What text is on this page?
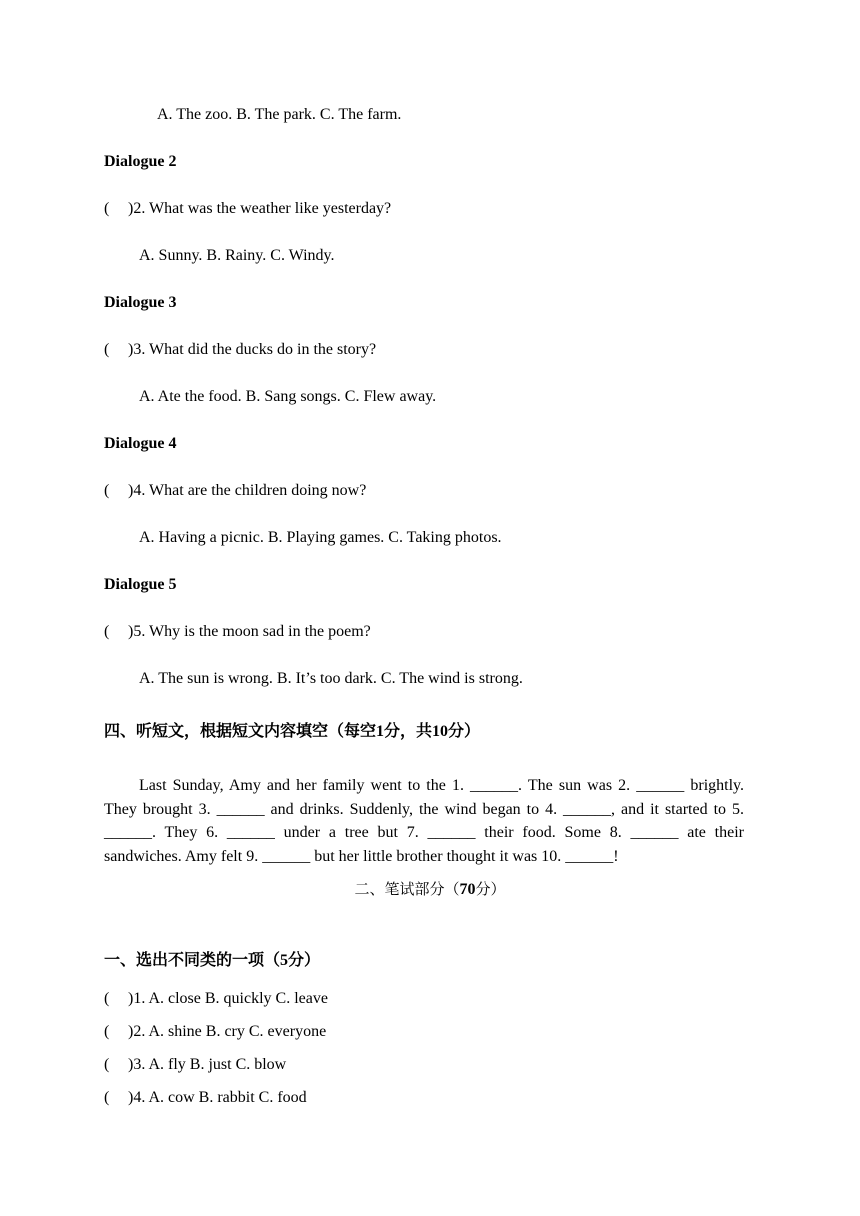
A. The zoo. B. The park. C. The farm.
Dialogue 2
( )2. What was the weather like yesterday?
A. Sunny. B. Rainy. C. Windy.
Dialogue 3
( )3. What did the ducks do in the story?
A. Ate the food. B. Sang songs. C. Flew away.
Dialogue 4
( )4. What are the children doing now?
A. Having a picnic. B. Playing games. C. Taking photos.
Dialogue 5
( )5. Why is the moon sad in the poem?
A. The sun is wrong. B. It’s too dark. C. The wind is strong.
四、听短文，根据短文内容填空（每空1分，共10分）
Last Sunday, Amy and her family went to the 1. ______. The sun was 2. ______ brightly. They brought 3. ______ and drinks. Suddenly, the wind began to 4. ______, and it started to 5. ______. They 6. ______ under a tree but 7. ______ their food. Some 8. ______ ate their sandwiches. Amy felt 9. ______ but her little brother thought it was 10. ______!
二、笔试部分（70分）
一、选出不同类的一项（5分）
( )1. A. close B. quickly C. leave
( )2. A. shine B. cry C. everyone
( )3. A. fly B. just C. blow
( )4. A. cow B. rabbit C. food
